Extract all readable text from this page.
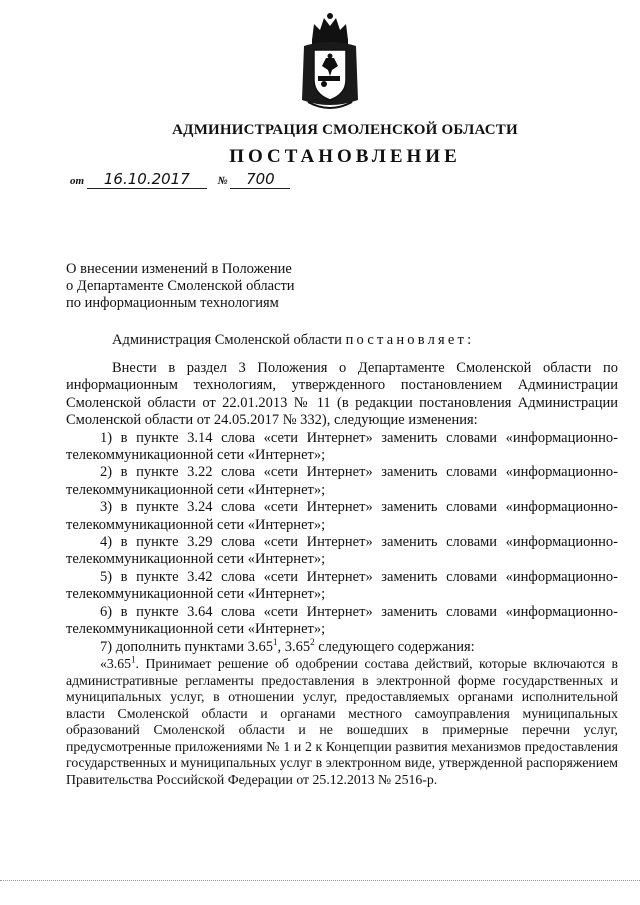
АДМИНИСТРАЦИЯ СМОЛЕНСКОЙ ОБЛАСТИ
ПОСТАНОВЛЕНИЕ
от 16.10.2017	№ 700
О внесении изменений в Положение
о Департаменте Смоленской области
по информационным технологиям
Администрация Смоленской области постановляет:

Внести в раздел 3 Положения о Департаменте Смоленской области по информационным технологиям, утвержденного постановлением Администрации Смоленской области от 22.01.2013 № 11 (в редакции постановления Администрации Смоленской области от 24.05.2017 № 332), следующие изменения:

1) в пункте 3.14 слова «сети Интернет» заменить словами «информационно-телекоммуникационной сети «Интернет»;

2) в пункте 3.22 слова «сети Интернет» заменить словами «информационно-телекоммуникационной сети «Интернет»;

3) в пункте 3.24 слова «сети Интернет» заменить словами «информационно-телекоммуникационной сети «Интернет»;

4) в пункте 3.29 слова «сети Интернет» заменить словами «информационно-телекоммуникационной сети «Интернет»;

5) в пункте 3.42 слова «сети Интернет» заменить словами «информационно-телекоммуникационной сети «Интернет»;

6) в пункте 3.64 слова «сети Интернет» заменить словами «информационно-телекоммуникационной сети «Интернет»;

7) дополнить пунктами 3.65$^1$, 3.65$^2$ следующего содержания:

«3.65$^1$. Принимает решение об одобрении состава действий, которые включаются в административные регламенты предоставления в электронной форме государственных и муниципальных услуг, в отношении услуг, предоставляемых органами исполнительной власти Смоленской области и органами местного самоуправления муниципальных образований Смоленской области и не вошедших в примерные перечни услуг, предусмотренные приложениями № 1 и 2 к Концепции развития механизмов предоставления государственных и муниципальных услуг в электронном виде, утвержденной распоряжением Правительства Российской Федерации от 25.12.2013 № 2516-р.
